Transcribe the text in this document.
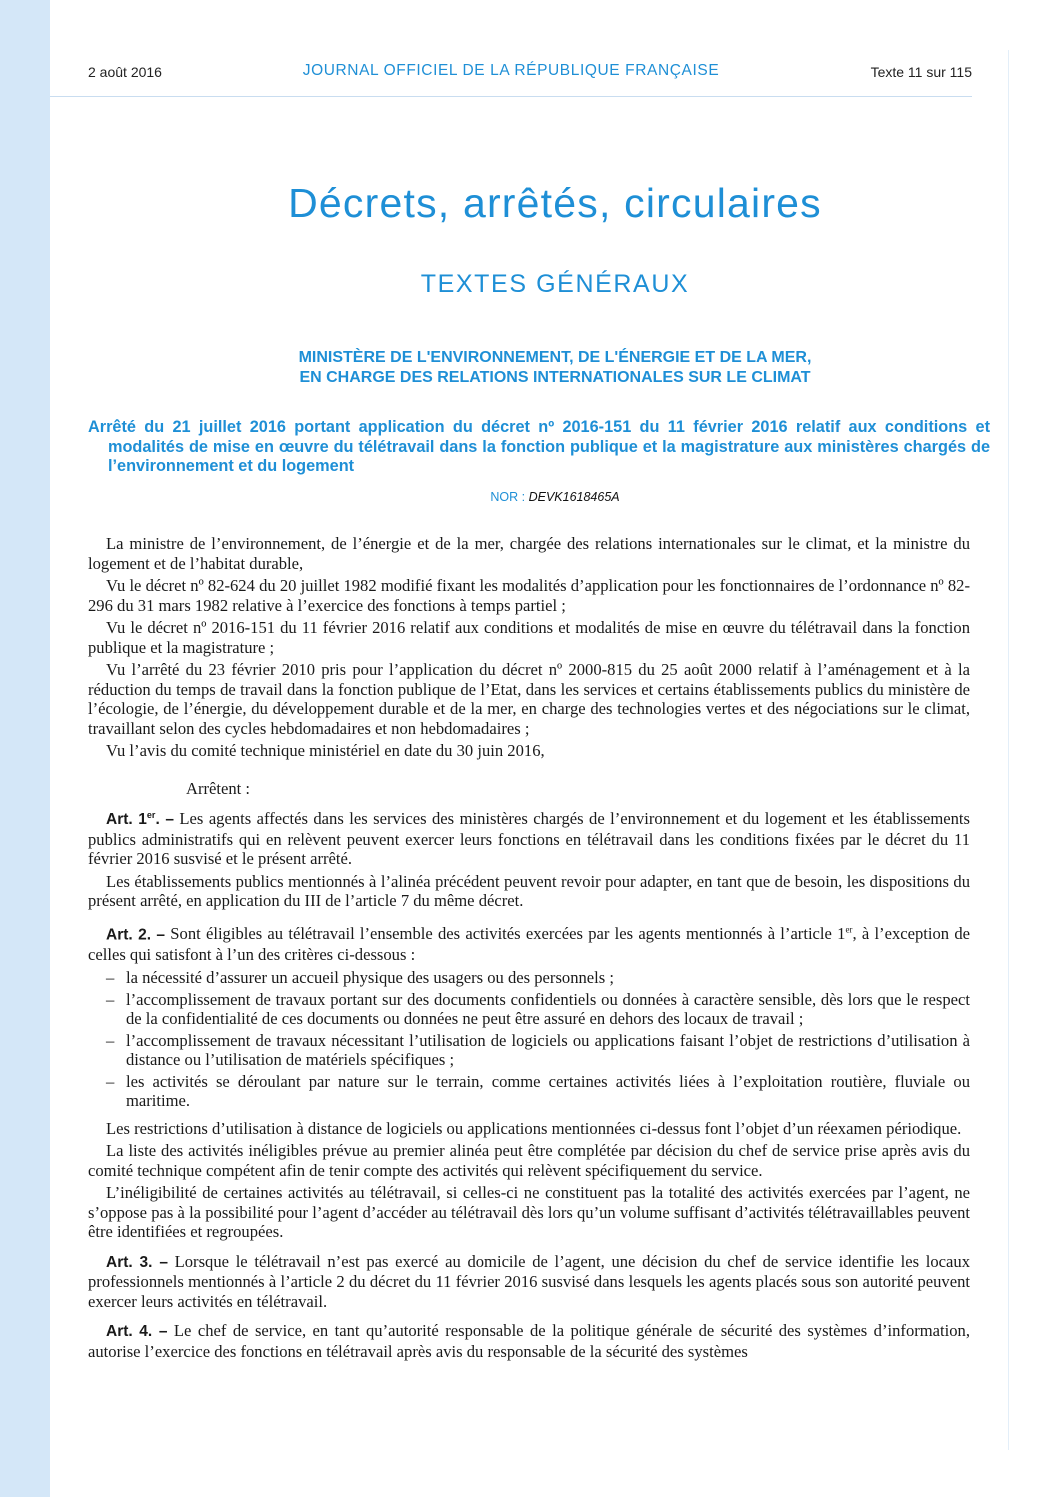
2 août 2016	JOURNAL OFFICIEL DE LA RÉPUBLIQUE FRANÇAISE	Texte 11 sur 115
Décrets, arrêtés, circulaires
TEXTES GÉNÉRAUX
MINISTÈRE DE L'ENVIRONNEMENT, DE L'ÉNERGIE ET DE LA MER,
EN CHARGE DES RELATIONS INTERNATIONALES SUR LE CLIMAT
Arrêté du 21 juillet 2016 portant application du décret nº 2016-151 du 11 février 2016 relatif aux conditions et modalités de mise en œuvre du télétravail dans la fonction publique et la magistrature aux ministères chargés de l’environnement et du logement
NOR : DEVK1618465A

La ministre de l’environnement, de l’énergie et de la mer, chargée des relations internationales sur le climat, et la ministre du logement et de l’habitat durable,

Vu le décret nº 82-624 du 20 juillet 1982 modifié fixant les modalités d’application pour les fonctionnaires de l’ordonnance nº 82-296 du 31 mars 1982 relative à l’exercice des fonctions à temps partiel ;

Vu le décret nº 2016-151 du 11 février 2016 relatif aux conditions et modalités de mise en œuvre du télétravail dans la fonction publique et la magistrature ;

Vu l’arrêté du 23 février 2010 pris pour l’application du décret nº 2000-815 du 25 août 2000 relatif à l’aménagement et à la réduction du temps de travail dans la fonction publique de l’Etat, dans les services et certains établissements publics du ministère de l’écologie, de l’énergie, du développement durable et de la mer, en charge des technologies vertes et des négociations sur le climat, travaillant selon des cycles hebdomadaires et non hebdomadaires ;

Vu l’avis du comité technique ministériel en date du 30 juin 2016,

Arrêtent :

Art. 1er. – Les agents affectés dans les services des ministères chargés de l’environnement et du logement et les établissements publics administratifs qui en relèvent peuvent exercer leurs fonctions en télétravail dans les conditions fixées par le décret du 11 février 2016 susvisé et le présent arrêté.

Les établissements publics mentionnés à l’alinéa précédent peuvent revoir pour adapter, en tant que de besoin, les dispositions du présent arrêté, en application du III de l’article 7 du même décret.

Art. 2. – Sont éligibles au télétravail l’ensemble des activités exercées par les agents mentionnés à l’article 1er, à l’exception de celles qui satisfont à l’un des critères ci-dessous :

– la nécessité d’assurer un accueil physique des usagers ou des personnels ;
– l’accomplissement de travaux portant sur des documents confidentiels ou données à caractère sensible, dès lors que le respect de la confidentialité de ces documents ou données ne peut être assuré en dehors des locaux de travail ;
– l’accomplissement de travaux nécessitant l’utilisation de logiciels ou applications faisant l’objet de restrictions d’utilisation à distance ou l’utilisation de matériels spécifiques ;
– les activités se déroulant par nature sur le terrain, comme certaines activités liées à l’exploitation routière, fluviale ou maritime.

Les restrictions d’utilisation à distance de logiciels ou applications mentionnées ci-dessus font l’objet d’un réexamen périodique.

La liste des activités inéligibles prévue au premier alinéa peut être complétée par décision du chef de service prise après avis du comité technique compétent afin de tenir compte des activités qui relèvent spécifiquement du service.

L’inéligibilité de certaines activités au télétravail, si celles-ci ne constituent pas la totalité des activités exercées par l’agent, ne s’oppose pas à la possibilité pour l’agent d’accéder au télétravail dès lors qu’un volume suffisant d’activités télétravaillables peuvent être identifiées et regroupées.

Art. 3. – Lorsque le télétravail n’est pas exercé au domicile de l’agent, une décision du chef de service identifie les locaux professionnels mentionnés à l’article 2 du décret du 11 février 2016 susvisé dans lesquels les agents placés sous son autorité peuvent exercer leurs activités en télétravail.

Art. 4. – Le chef de service, en tant qu’autorité responsable de la politique générale de sécurité des systèmes d’information, autorise l’exercice des fonctions en télétravail après avis du responsable de la sécurité des systèmes
